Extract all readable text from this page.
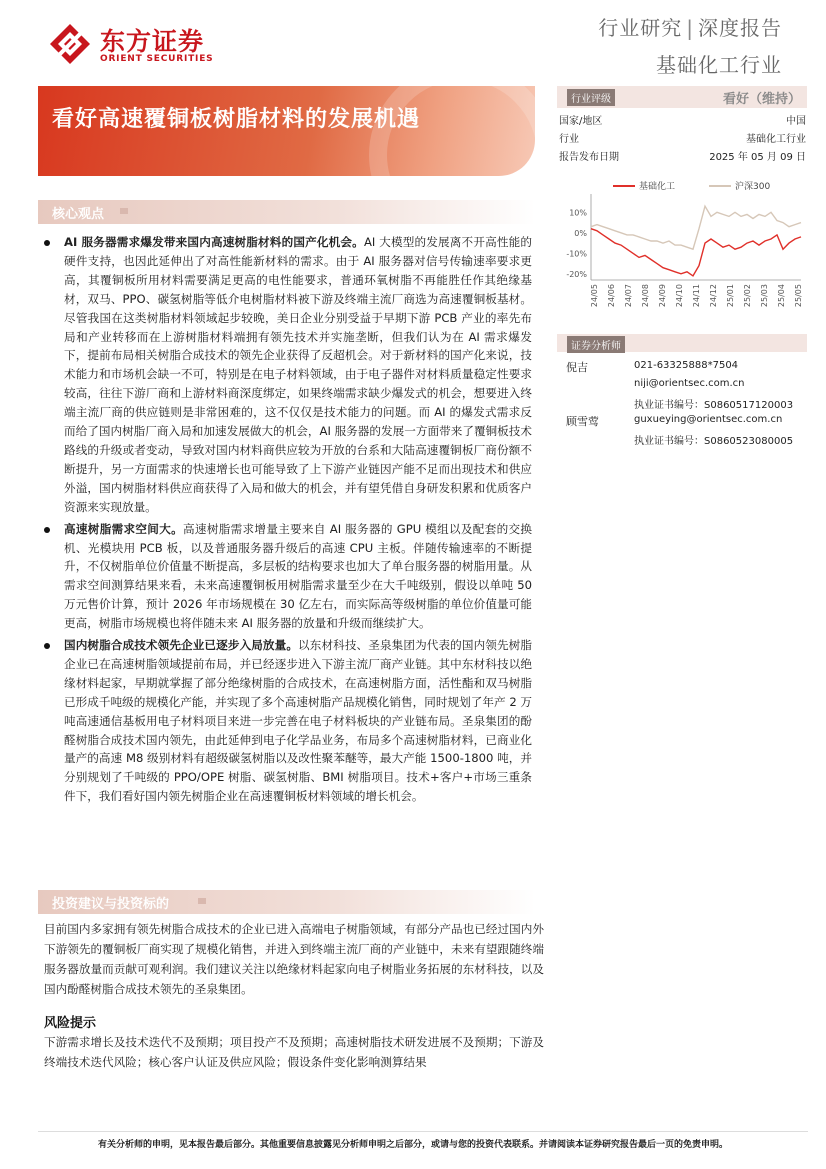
东方证券
ORIENT SECURITIES
行业研究 | 深度报告
基础化工行业
看好高速覆铜板树脂材料的发展机遇
行业评级	看好（维持）
国家/地区	中国
行业	基础化工行业
报告发布日期	2025 年 05 月 09 日
基础化工	沪深300
10%
0%
-10%
-20%
24/05 24/06 24/07 24/08 24/09 24/10 24/11 24/12 25/01 25/02 25/03 25/04 25/05
证券分析师
倪吉	021-63325888*7504
niji@orientsec.com.cn
执业证书编号：S0860517120003
顾雪莺	guxueying@orientsec.com.cn
执业证书编号：S0860523080005
核心观点
AI 服务器需求爆发带来国内高速树脂材料的国产化机会。AI 大模型的发展离不开高性能的硬件支持，也因此延伸出了对高性能新材料的需求。由于 AI 服务器对信号传输速率要求更高，其覆铜板所用材料需要满足更高的电性能要求，普通环氧树脂不再能胜任作其绝缘基材，双马、PPO、碳氢树脂等低介电树脂材料被下游及终端主流厂商选为高速覆铜板基材。尽管我国在这类树脂材料领域起步较晚，美日企业分别受益于早期下游 PCB 产业的率先布局和产业转移而在上游树脂材料端拥有领先技术并实施垄断，但我们认为在 AI 需求爆发下，提前布局相关树脂合成技术的领先企业获得了反超机会。对于新材料的国产化来说，技术能力和市场机会缺一不可，特别是在电子材料领域，由于电子器件对材料质量稳定性要求较高，往往下游厂商和上游材料商深度绑定，如果终端需求缺少爆发式的机会，想要进入终端主流厂商的供应链则是非常困难的，这不仅仅是技术能力的问题。而 AI 的爆发式需求反而给了国内树脂厂商入局和加速发展做大的机会，AI 服务器的发展一方面带来了覆铜板技术路线的升级或者变动，导致对国内材料商供应较为开放的台系和大陆高速覆铜板厂商份额不断提升，另一方面需求的快速增长也可能导致了上下游产业链因产能不足而出现技术和供应外溢，国内树脂材料供应商获得了入局和做大的机会，并有望凭借自身研发积累和优质客户资源来实现放量。
高速树脂需求空间大。高速树脂需求增量主要来自 AI 服务器的 GPU 模组以及配套的交换机、光模块用 PCB 板，以及普通服务器升级后的高速 CPU 主板。伴随传输速率的不断提升，不仅树脂单位价值量不断提高，多层板的结构要求也加大了单台服务器的树脂用量。从需求空间测算结果来看，未来高速覆铜板用树脂需求量至少在大千吨级别，假设以单吨 50 万元售价计算，预计 2026 年市场规模在 30 亿左右，而实际高等级树脂的单位价值量可能更高，树脂市场规模也将伴随未来 AI 服务器的放量和升级而继续扩大。
国内树脂合成技术领先企业已逐步入局放量。以东材科技、圣泉集团为代表的国内领先树脂企业已在高速树脂领域提前布局，并已经逐步进入下游主流厂商产业链。其中东材科技以绝缘材料起家，早期就掌握了部分绝缘树脂的合成技术，在高速树脂方面，活性酯和双马树脂已形成千吨级的规模化产能，并实现了多个高速树脂产品规模化销售，同时规划了年产 2 万吨高速通信基板用电子材料项目来进一步完善在电子材料板块的产业链布局。圣泉集团的酚醛树脂合成技术国内领先，由此延伸到电子化学品业务，布局多个高速树脂材料，已商业化量产的高速 M8 级别材料有超级碳氢树脂以及改性聚苯醚等，最大产能 1500-1800 吨，并分别规划了千吨级的 PPO/OPE 树脂、碳氢树脂、BMI 树脂项目。技术+客户+市场三重条件下，我们看好国内领先树脂企业在高速覆铜板材料领域的增长机会。
投资建议与投资标的
目前国内多家拥有领先树脂合成技术的企业已进入高端电子树脂领域，有部分产品也已经过国内外下游领先的覆铜板厂商实现了规模化销售，并进入到终端主流厂商的产业链中，未来有望跟随终端服务器放量而贡献可观利润。我们建议关注以绝缘材料起家向电子树脂业务拓展的东材科技，以及国内酚醛树脂合成技术领先的圣泉集团。
风险提示
下游需求增长及技术迭代不及预期；项目投产不及预期；高速树脂技术研发进展不及预期；下游及终端技术迭代风险；核心客户认证及供应风险；假设条件变化影响测算结果
有关分析师的申明，见本报告最后部分。其他重要信息披露见分析师申明之后部分，或请与您的投资代表联系。并请阅读本证券研究报告最后一页的免责申明。
